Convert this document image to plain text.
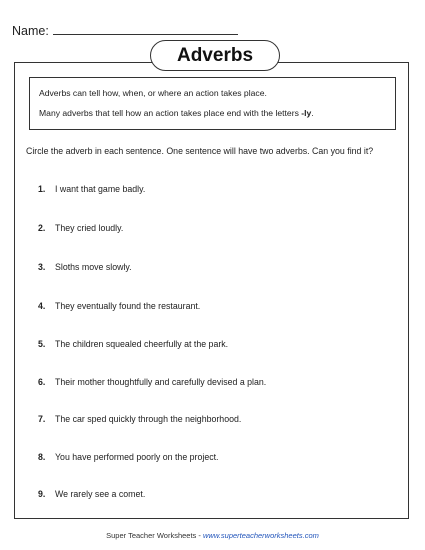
Name:
Adverbs

Adverbs can tell how, when, or where an action takes place.

Many adverbs that tell how an action takes place end with the letters -ly.

Circle the adverb in each sentence. One sentence will have two adverbs. Can you find it?
1. I want that game badly.
2. They cried loudly.
3. Sloths move slowly.
4. They eventually found the restaurant.
5. The children squealed cheerfully at the park.
6. Their mother thoughtfully and carefully devised a plan.
7. The car sped quickly through the neighborhood.
8. You have performed poorly on the project.
9. We rarely see a comet.
Super Teacher Worksheets - www.superteacherworksheets.com
